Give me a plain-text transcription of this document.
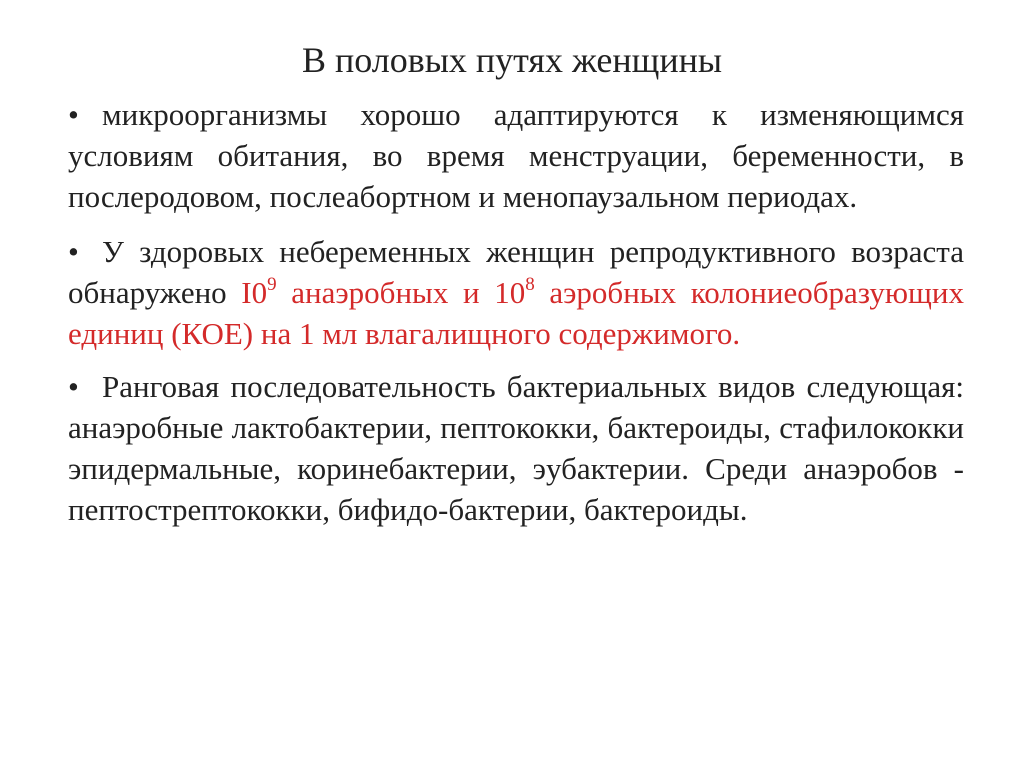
В половых путях женщины
• микроорганизмы хорошо адаптируются к изменяющимся условиям обитания, во время менструации, беременности, в послеродовом, послеабортном и менопаузальном периодах.
• У здоровых небеременных женщин репродуктивного возраста обнаружено $I0^9$ анаэробных и $10^8$ аэробных колониеобразующих единиц (КОЕ) на 1 мл влагалищного содержимого.
• Ранговая последовательность бактериальных видов следующая: анаэробные лактобактерии, пептококки, бактероиды, стафилококки эпидермальные, коринебактерии, эубактерии. Среди анаэробов - пептострептококки, бифидо-бактерии, бактероиды.
